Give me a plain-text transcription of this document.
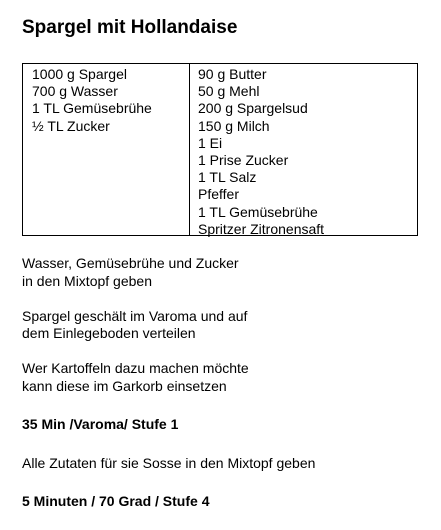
Spargel mit Hollandaise
1000 g Spargel
700 g Wasser
1 TL Gemüsebrühe
½ TL Zucker
90 g Butter
50 g Mehl
200 g Spargelsud
150 g Milch
1 Ei
1 Prise Zucker
1 TL Salz
Pfeffer
1 TL Gemüsebrühe
Spritzer Zitronensaft
Wasser, Gemüsebrühe und Zucker
in den Mixtopf geben
Spargel geschält im Varoma und auf
dem Einlegeboden verteilen
Wer Kartoffeln dazu machen möchte
kann diese im Garkorb einsetzen
35 Min /Varoma/ Stufe 1
Alle Zutaten für sie Sosse in den Mixtopf geben
5 Minuten / 70 Grad / Stufe 4
